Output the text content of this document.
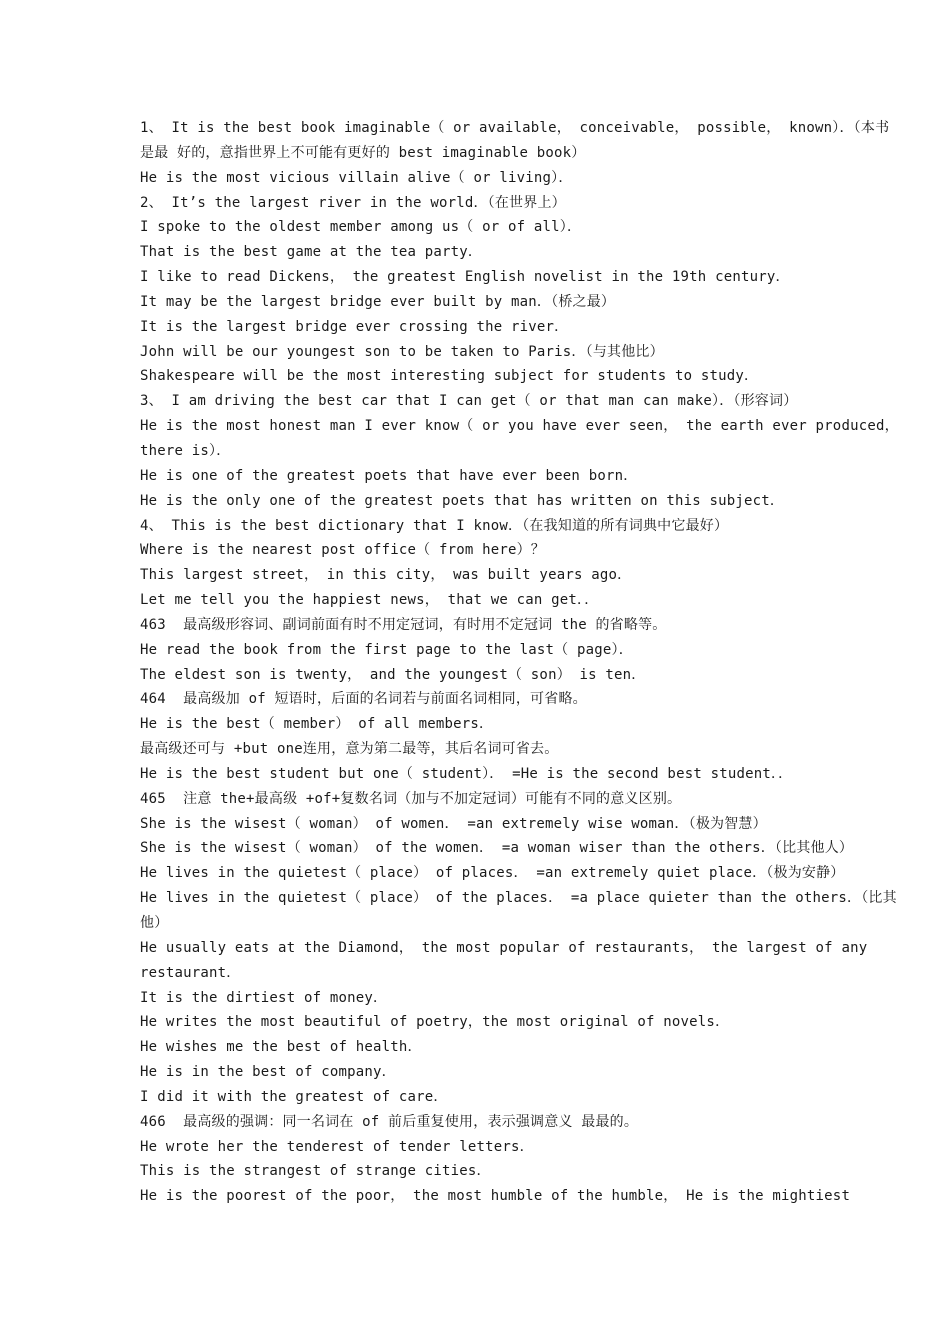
1、 It is the best book imaginable（ or available， conceivable， possible， known）．（本书
是最 好的，意指世界上不可能有更好的 best imaginable book）
He is the most vicious villain alive（ or living）．
2、 It’s the largest river in the world．（在世界上）
I spoke to the oldest member among us（ or of all）．
That is the best game at the tea party．
I like to read Dickens， the greatest English novelist in the 19th century．
It may be the largest bridge ever built by man．（桥之最）
It is the largest bridge ever crossing the river．
John will be our youngest son to be taken to Paris．（与其他比）
Shakespeare will be the most interesting subject for students to study．
3、 I am driving the best car that I can get（ or that man can make）．（形容词）
He is the most honest man I ever know（ or you have ever seen， the earth ever produced，
there is）．
He is one of the greatest poets that have ever been born．
He is the only one of the greatest poets that has written on this subject．
4、 This is the best dictionary that I know．（在我知道的所有词典中它最好）
Where is the nearest post office（ from here）？
This largest street， in this city， was built years ago．
Let me tell you the happiest news， that we can get．．
463  最高级形容词、副词前面有时不用定冠词，有时用不定冠词 the 的省略等。
He read the book from the first page to the last（ page）．
The eldest son is twenty， and the youngest（ son） is ten．
464  最高级加 of 短语时，后面的名词若与前面名词相同，可省略。
He is the best（ member） of all members．
最高级还可与 +but one连用，意为第二最等，其后名词可省去。
He is the best student but one（ student）． =He is the second best student．．
465  注意 the+最高级 +of+复数名词（加与不加定冠词）可能有不同的意义区别。
She is the wisest（ woman） of women． =an extremely wise woman．（极为智慧）
She is the wisest（ woman） of the women． =a woman wiser than the others．（比其他人）
He lives in the quietest（ place） of places． =an extremely quiet place．（极为安静）
He lives in the quietest（ place） of the places． =a place quieter than the others．（比其
他）
He usually eats at the Diamond， the most popular of restaurants， the largest of any
restaurant．
It is the dirtiest of money．
He writes the most beautiful of poetry，the most original of novels．
He wishes me the best of health．
He is in the best of company．
I did it with the greatest of care．
466  最高级的强调：同一名词在 of 前后重复使用，表示强调意义 最最的。
He wrote her the tenderest of tender letters．
This is the strangest of strange cities．
He is the poorest of the poor， the most humble of the humble， He is the mightiest
